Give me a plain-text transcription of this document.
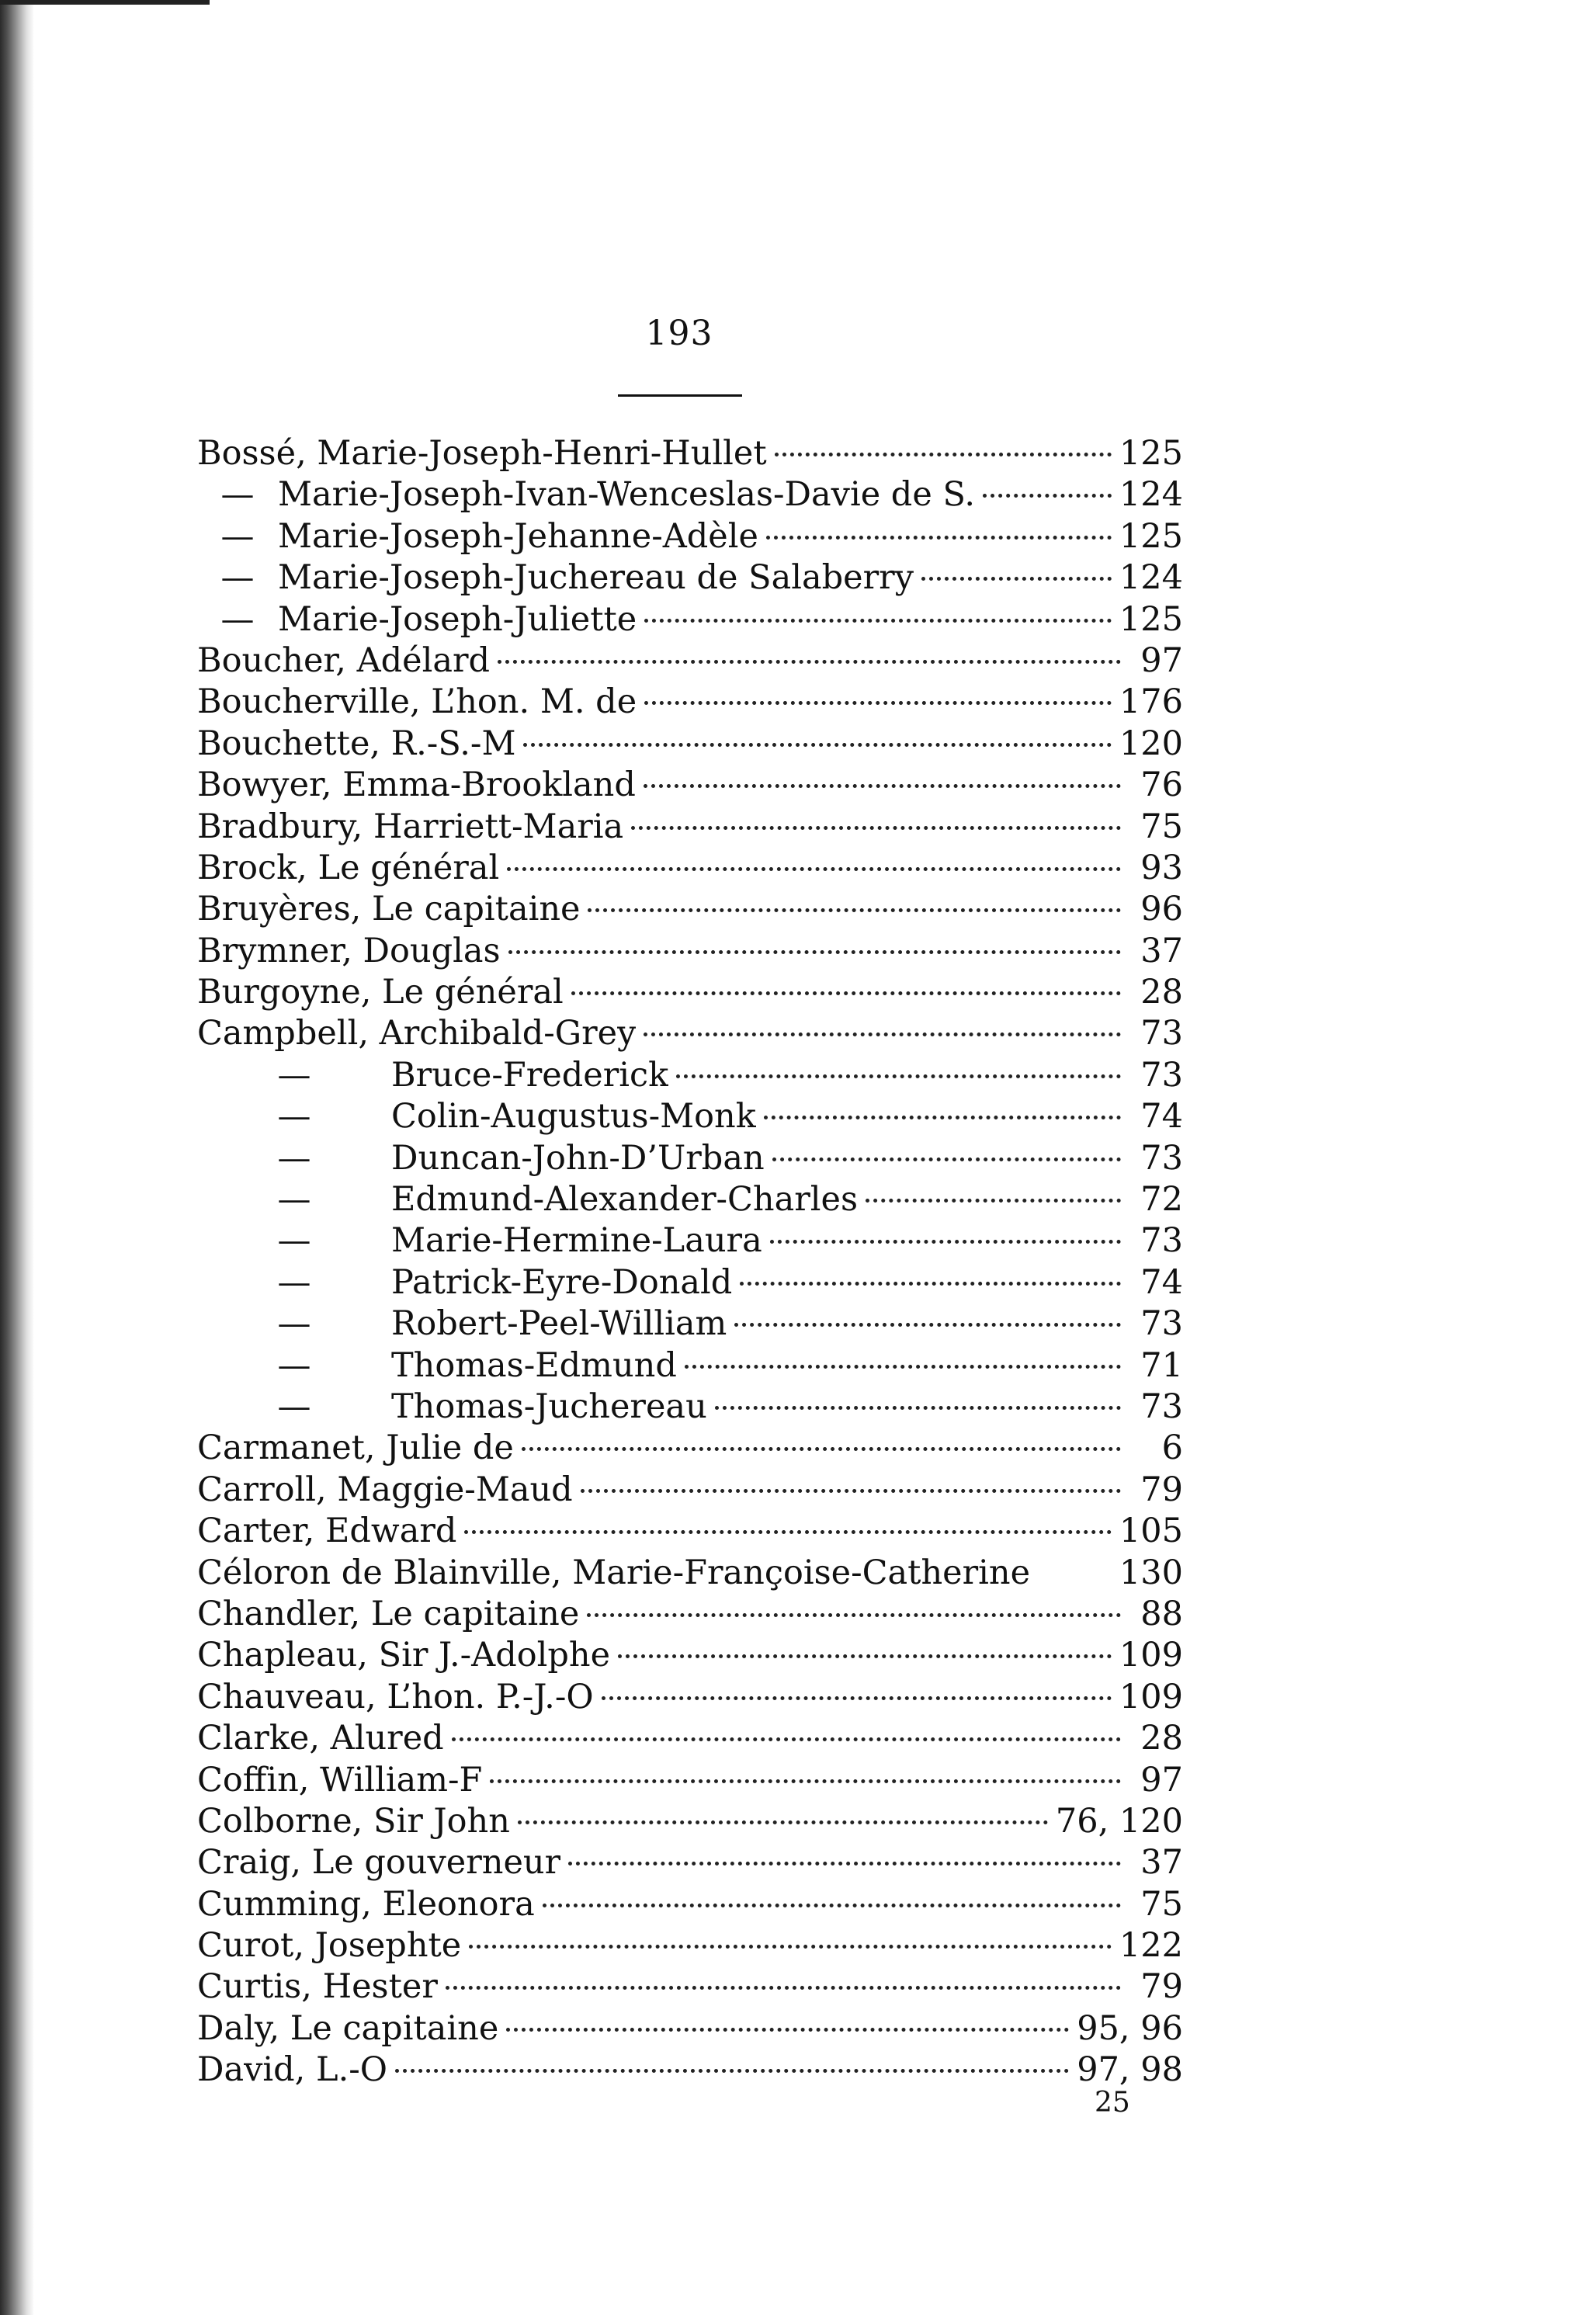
193
Bossé, Marie-Joseph-Henri-Hullet	125
— Marie-Joseph-Ivan-Wenceslas-Davie de S.	124
— Marie-Joseph-Jehanne-Adèle	125
— Marie-Joseph-Juchereau de Salaberry	124
— Marie-Joseph-Juliette	125
Boucher, Adélard	97
Boucherville, L’hon. M. de	176
Bouchette, R.-S.-M	120
Bowyer, Emma-Brookland	76
Bradbury, Harriett-Maria	75
Brock, Le général	93
Bruyères, Le capitaine	96
Brymner, Douglas	37
Burgoyne, Le général	28
Campbell, Archibald-Grey	73
—	Bruce-Frederick	73
—	Colin-Augustus-Monk	74
—	Duncan-John-D’Urban	73
—	Edmund-Alexander-Charles	72
—	Marie-Hermine-Laura	73
—	Patrick-Eyre-Donald	74
—	Robert-Peel-William	73
—	Thomas-Edmund	71
—	Thomas-Juchereau	73
Carmanet, Julie de	6
Carroll, Maggie-Maud	79
Carter, Edward	105
Céloron de Blainville, Marie-Françoise-Catherine	130
Chandler, Le capitaine	88
Chapleau, Sir J.-Adolphe	109
Chauveau, L’hon. P.-J.-O	109
Clarke, Alured	28
Coffin, William-F	97
Colborne, Sir John	76, 120
Craig, Le gouverneur	37
Cumming, Eleonora	75
Curot, Josephte	122
Curtis, Hester	79
Daly, Le capitaine	95, 96
David, L.-O	97, 98
25
